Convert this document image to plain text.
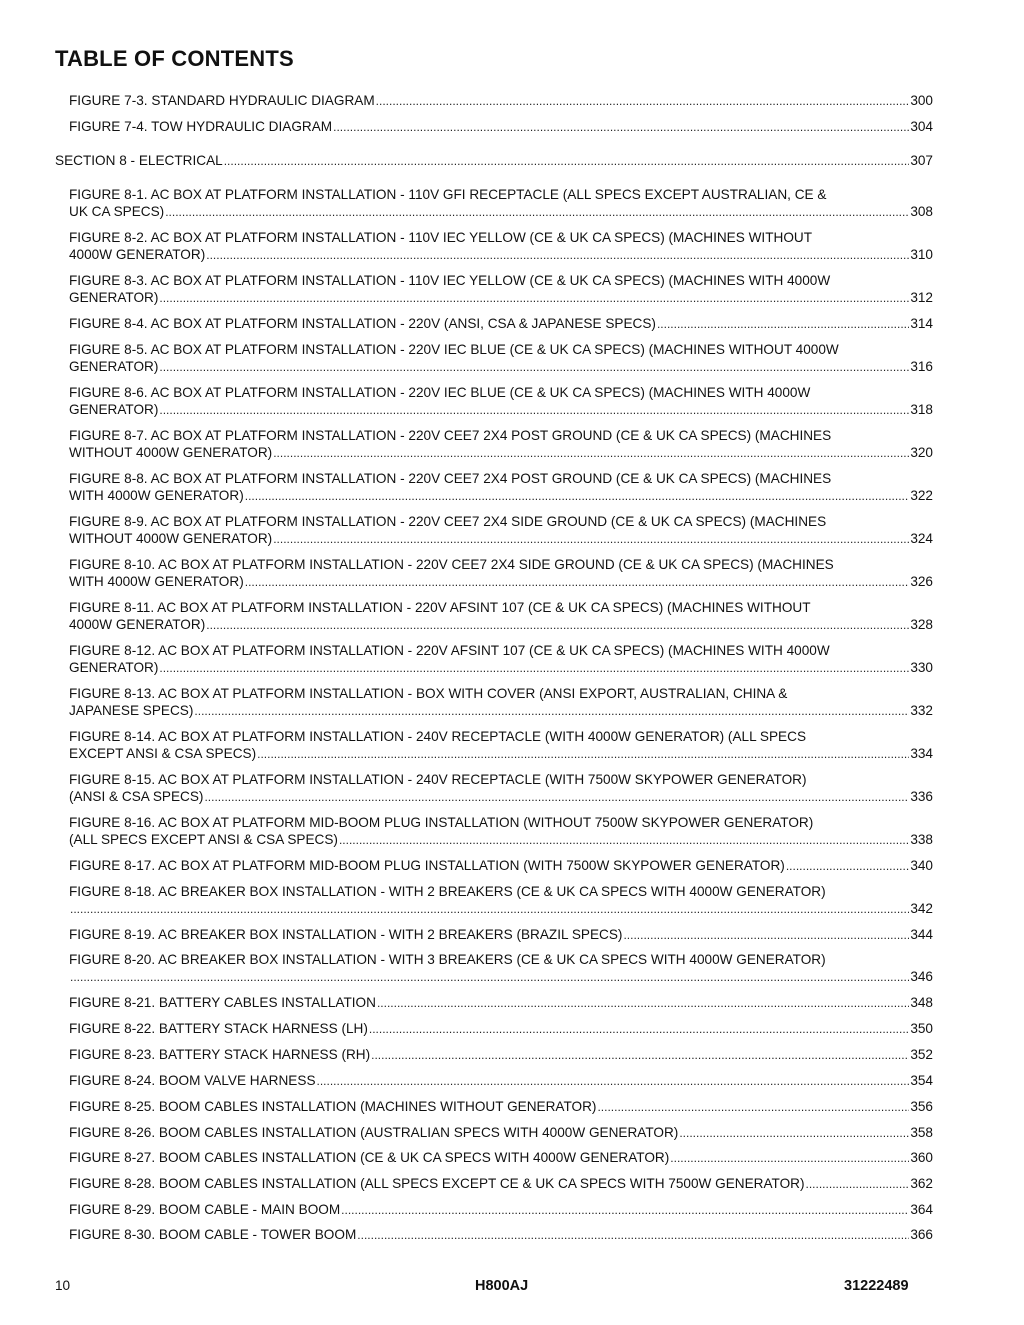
TABLE OF CONTENTS
FIGURE 7-3. STANDARD HYDRAULIC DIAGRAM .....	300
FIGURE 7-4. TOW HYDRAULIC DIAGRAM .....	304
SECTION 8 - ELECTRICAL .....	307
FIGURE 8-1. AC BOX AT PLATFORM INSTALLATION - 110V GFI RECEPTACLE (ALL SPECS EXCEPT AUSTRALIAN, CE &
UK CA SPECS) .....	308
FIGURE 8-2. AC BOX AT PLATFORM INSTALLATION - 110V IEC YELLOW (CE & UK CA SPECS) (MACHINES WITHOUT
4000W GENERATOR) .....	310
FIGURE 8-3. AC BOX AT PLATFORM INSTALLATION - 110V IEC YELLOW (CE & UK CA SPECS) (MACHINES WITH 4000W
GENERATOR) .....	312
FIGURE 8-4. AC BOX AT PLATFORM INSTALLATION - 220V (ANSI, CSA & JAPANESE SPECS) .....	314
FIGURE 8-5. AC BOX AT PLATFORM INSTALLATION - 220V IEC BLUE (CE & UK CA SPECS) (MACHINES WITHOUT 4000W
GENERATOR) .....	316
FIGURE 8-6. AC BOX AT PLATFORM INSTALLATION - 220V IEC BLUE (CE & UK CA SPECS) (MACHINES WITH 4000W
GENERATOR) .....	318
FIGURE 8-7. AC BOX AT PLATFORM INSTALLATION - 220V CEE7 2X4 POST GROUND (CE & UK CA SPECS) (MACHINES
WITHOUT 4000W GENERATOR) .....	320
FIGURE 8-8. AC BOX AT PLATFORM INSTALLATION - 220V CEE7 2X4 POST GROUND (CE & UK CA SPECS) (MACHINES
WITH 4000W GENERATOR) .....	322
FIGURE 8-9. AC BOX AT PLATFORM INSTALLATION - 220V CEE7 2X4 SIDE GROUND (CE & UK CA SPECS) (MACHINES
WITHOUT 4000W GENERATOR) .....	324
FIGURE 8-10. AC BOX AT PLATFORM INSTALLATION - 220V CEE7 2X4 SIDE GROUND (CE & UK CA SPECS) (MACHINES
WITH 4000W GENERATOR) .....	326
FIGURE 8-11. AC BOX AT PLATFORM INSTALLATION - 220V AFSINT 107 (CE & UK CA SPECS) (MACHINES WITHOUT
4000W GENERATOR) .....	328
FIGURE 8-12. AC BOX AT PLATFORM INSTALLATION - 220V AFSINT 107 (CE & UK CA SPECS) (MACHINES WITH 4000W
GENERATOR) .....	330
FIGURE 8-13. AC BOX AT PLATFORM INSTALLATION - BOX WITH COVER (ANSI EXPORT, AUSTRALIAN, CHINA &
JAPANESE SPECS) .....	332
FIGURE 8-14. AC BOX AT PLATFORM INSTALLATION - 240V RECEPTACLE (WITH 4000W GENERATOR) (ALL SPECS
EXCEPT ANSI & CSA SPECS) .....	334
FIGURE 8-15. AC BOX AT PLATFORM INSTALLATION - 240V RECEPTACLE (WITH 7500W SKYPOWER GENERATOR)
(ANSI & CSA SPECS) .....	336
FIGURE 8-16. AC BOX AT PLATFORM MID-BOOM PLUG INSTALLATION (WITHOUT 7500W SKYPOWER GENERATOR)
(ALL SPECS EXCEPT ANSI & CSA SPECS) .....	338
FIGURE 8-17. AC BOX AT PLATFORM MID-BOOM PLUG INSTALLATION (WITH 7500W SKYPOWER GENERATOR) .....	340
FIGURE 8-18. AC BREAKER BOX INSTALLATION - WITH 2 BREAKERS (CE & UK CA SPECS WITH 4000W GENERATOR)
.....
342
FIGURE 8-19. AC BREAKER BOX INSTALLATION - WITH 2 BREAKERS (BRAZIL SPECS) .....	344
FIGURE 8-20. AC BREAKER BOX INSTALLATION - WITH 3 BREAKERS (CE & UK CA SPECS WITH 4000W GENERATOR)
.....
346
FIGURE 8-21. BATTERY CABLES INSTALLATION .....	348
FIGURE 8-22. BATTERY STACK HARNESS (LH) .....	350
FIGURE 8-23. BATTERY STACK HARNESS (RH) .....	352
FIGURE 8-24. BOOM VALVE HARNESS .....	354
FIGURE 8-25. BOOM CABLES INSTALLATION (MACHINES WITHOUT GENERATOR) .....	356
FIGURE 8-26. BOOM CABLES INSTALLATION (AUSTRALIAN SPECS WITH 4000W GENERATOR) .....	358
FIGURE 8-27. BOOM CABLES INSTALLATION (CE & UK CA SPECS WITH 4000W GENERATOR) .....	360
FIGURE 8-28. BOOM CABLES INSTALLATION (ALL SPECS EXCEPT CE & UK CA SPECS WITH 7500W GENERATOR) .....	362
FIGURE 8-29. BOOM CABLE - MAIN BOOM .....	364
FIGURE 8-30. BOOM CABLE - TOWER BOOM .....	366
10	H800AJ	31222489
